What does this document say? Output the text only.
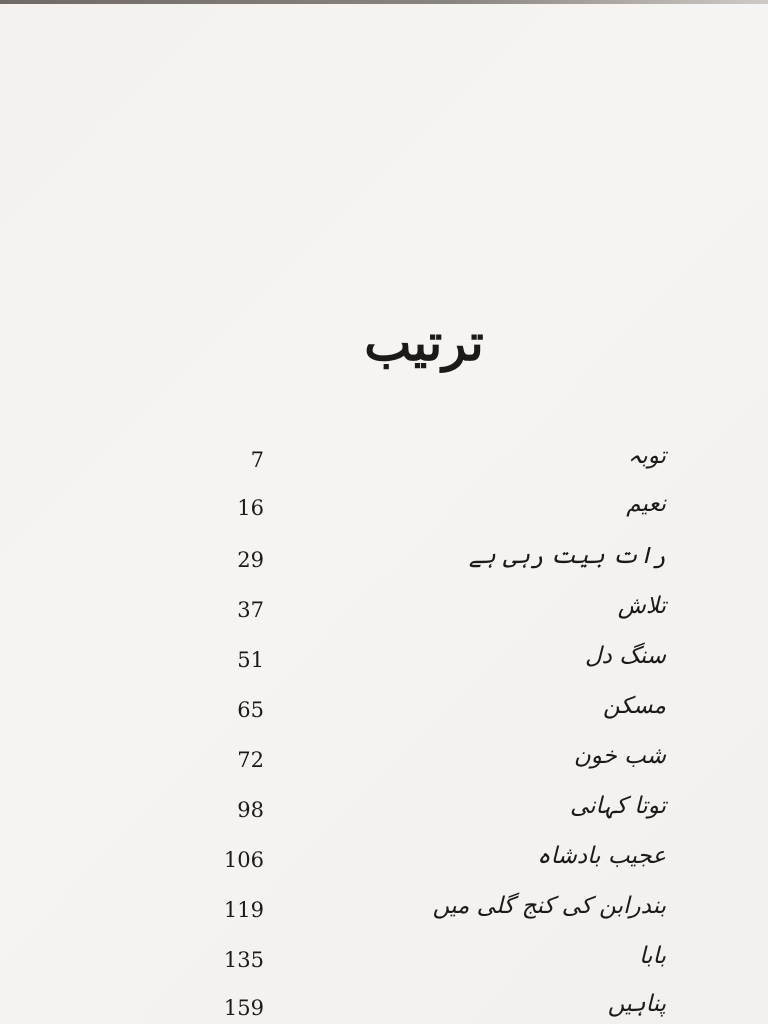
ترتیب
توبہ
7
نعیم
16
رات بیت رہی ہے
29
تلاش
37
سنگ دل
51
مسکن
65
شب خون
72
توتا کہانی
98
عجیب بادشاہ
106
بندرابن کی کنج گلی میں
119
بابا
135
پناہیں
159
